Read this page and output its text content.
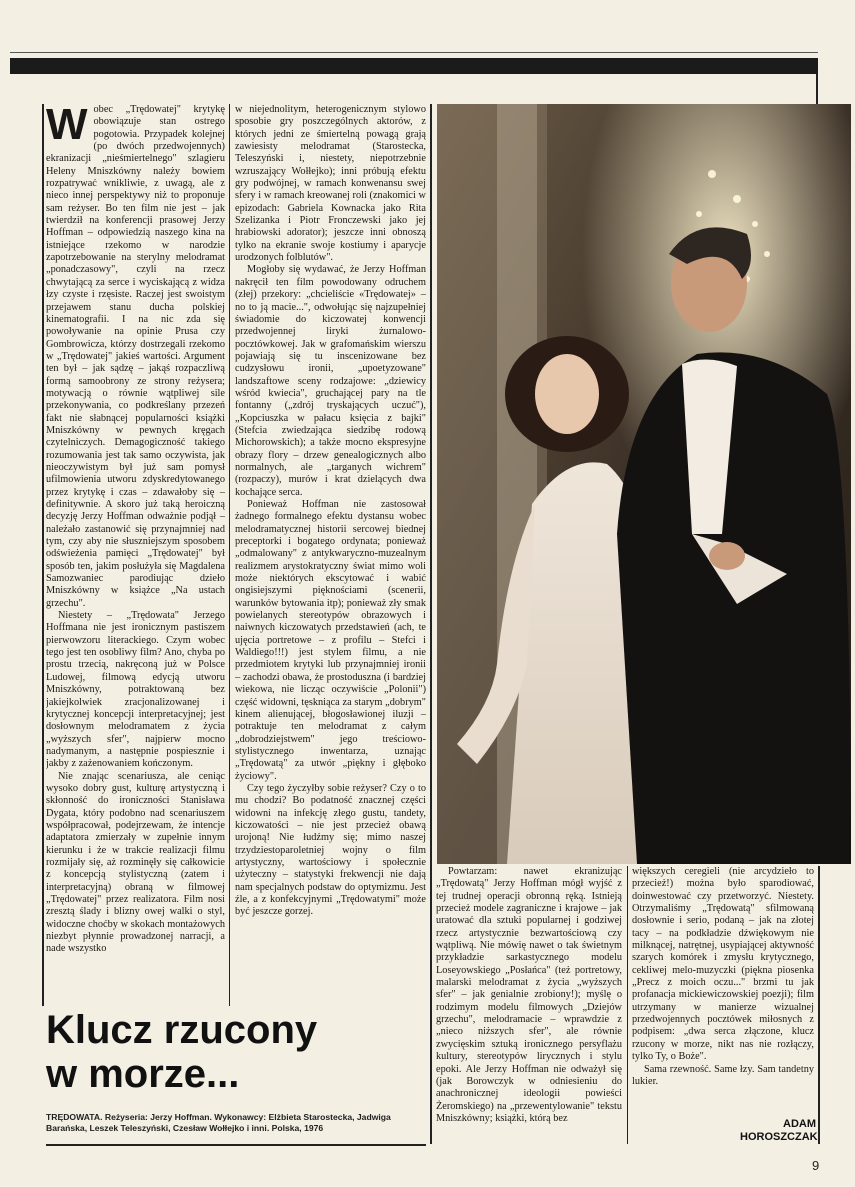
Wobec „Trędowatej" krytykę obowiązuje stan ostrego pogotowia. Przypadek kolejnej (po dwóch przedwojennych) ekranizacji „nieśmiertelnego" szlagieru Heleny Mniszkówny należy bowiem rozpatrywać wnikliwie, z uwagą, ale z nieco innej perspektywy niż to proponuje sam reżyser. Bo ten film nie jest – jak twierdził na konferencji prasowej Jerzy Hoffman – odpowiedzią naszego kina na istniejące rzekomo w narodzie zapotrzebowanie na sterylny melodramat „ponadczasowy", czyli na rzecz chwytającą za serce i wyciskającą z widza łzy czyste i rzęsiste. Raczej jest swoistym przejawem stanu ducha polskiej kinematografii. I na nic zda się powoływanie na opinie Prusa czy Gombrowicza, którzy dostrzegali rzekomo w „Trędowatej" jakieś wartości. Argument ten był – jak sądzę – jakąś rozpaczliwą formą samoobrony ze strony reżysera; motywacją o równie wątpliwej sile przekonywania, co podkreślany przezeń fakt nie słabnącej popularności książki Mniszkówny w pewnych kręgach czytelniczych. Demagogiczność takiego rozumowania jest tak samo oczywista, jak nieoczywistym był już sam pomysł ufilmowienia utworu zdyskredytowanego przez krytykę i czas – zdawałoby się – definitywnie. A skoro już taką heroiczną decyzję Jerzy Hoffman odważnie podjął – należało zastanowić się przynajmniej nad tym, czy aby nie słuszniejszym sposobem odświeżenia pamięci „Trędowatej" był sposób ten, jakim posłużyła się Magdalena Samozwaniec parodiując dzieło Mniszkówny w książce „Na ustach grzechu".

Niestety – „Trędowata" Jerzego Hoffmana nie jest ironicznym pastiszem pierwowzoru literackiego. Czym wobec tego jest ten osobliwy film? Ano, chyba po prostu trzecią, nakręconą już w Polsce Ludowej, filmową edycją utworu Mniszkówny, potraktowaną bez jakiejkolwiek zracjonalizowanej i krytycznej koncepcji interpretacyjnej; jest dosłownym melodramatem z życia „wyższych sfer", najpierw mocno nadymanym, a następnie pospiesznie i jakby z zażenowaniem kończonym.

Nie znając scenariusza, ale ceniąc wysoko dobry gust, kulturę artystyczną i skłonność do ironiczności Stanisława Dygata, który podobno nad scenariuszem współpracował, podejrzewam, że intencje adaptatora zmierzały w zupełnie innym kierunku i że w trakcie realizacji filmu rozmijały się, aż rozminęły się całkowicie z koncepcją stylistyczną (zatem i interpretacyjną) obraną w filmowej „Trędowatej" przez realizatora. Film nosi zresztą ślady i blizny owej walki o styl, widoczne choćby w skokach montażowych niezbyt płynnie prowadzonej narracji, a nade wszystko

w niejednolitym, heterogenicznym stylowo sposobie gry poszczególnych aktorów, z których jedni ze śmiertelną powagą grają zawiesisty melodramat (Starostecka, Teleszyński i, niestety, niepotrzebnie wzruszający Wołłejko); inni próbują efektu gry podwójnej, w ramach konwenansu swej sfery i w ramach kreowanej roli (znakomici w epizodach: Gabriela Kownacka jako Rita Szelizanka i Piotr Fronczewski jako jej hrabiowski adorator); jeszcze inni obnoszą tylko na ekranie swoje kostiumy i aparycje urodzonych folblutów".

Mogłoby się wydawać, że Jerzy Hoffman nakręcił ten film powodowany odruchem (złej) przekory: „chcieliście «Trędowatej» – no to ją macie...", odwołując się najzupełniej świadomie do kiczowatej konwencji przedwojennej liryki żurnalowo-pocztówkowej. Jak w grafomańskim wierszu pojawiają się tu inscenizowane bez cudzysłowu ironii, „upoetyzowane" landszaftowe sceny rodzajowe: „dziewicy wśród kwiecia", gruchającej pary na tle fontanny („zdrój tryskających uczuć"), „Kopciuszka w pałacu księcia z bajki" (Stefcia zwiedzająca siedzibę rodową Michorowskich); a także mocno ekspresyjne obrazy flory – drzew genealogicznych albo normalnych, ale „targanych wichrem" (rozpaczy), murów i krat dzielących dwa kochające serca.

Ponieważ Hoffman nie zastosował żadnego formalnego efektu dystansu wobec melodramatycznej historii sercowej biednej preceptorki i bogatego ordynata; ponieważ „odmalowany" z antykwaryczno-muzealnym realizmem arystokratyczny świat mimo woli może niektórych ekscytować i wabić ongisiejszymi pięknościami (scenerii, warunków bytowania itp); ponieważ zły smak powielanych stereotypów obrazowych i naiwnych kiczowatych przedstawień (ach, te ujęcia portretowe – z profilu – Stefci i Waldiego!!!) jest stylem filmu, a nie przedmiotem krytyki lub przynajmniej ironii – zachodzi obawa, że prostoduszna (i bardziej wiekowa, nie licząc oczywiście „Polonii") część widowni, tęskniąca za starym „dobrym" kinem alienującej, błogosławionej iluzji – potraktuje ten melodramat z całym „dobrodziejstwem" jego treściowo-stylistycznego inwentarza, uznając „Trędowatą" za utwór „piękny i głęboko życiowy".

Czy tego życzyłby sobie reżyser? Czy o to mu chodzi? Bo podatność znacznej części widowni na infekcję złego gustu, tandety, kiczowatości – nie jest przecież obawą urojoną! Nie łudźmy się; mimo naszej trzydziestoparoletniej wojny o film artystyczny, wartościowy i społecznie użyteczny – statystyki frekwencji nie dają nam specjalnych podstaw do optymizmu. Jest źle, a z konfekcyjnymi „Trędowatymi" może być jeszcze gorzej.

Powtarzam: nawet ekranizując „Trędowatą" Jerzy Hoffman mógł wyjść z tej trudnej operacji obronną ręką. Istnieją przecież modele zagraniczne i krajowe – jak uratować dla sztuki popularnej i godziwej rzecz artystycznie bezwartościową czy wątpliwą. Nie mówię nawet o tak świetnym przykładzie sarkastycznego modelu Loseyowskiego „Posłańca" (też portretowy, malarski melodramat z życia „wyższych sfer" – jak genialnie zrobiony!); myślę o rodzimym modelu filmowych „Dziejów grzechu", melodramacie – wprawdzie z „nieco niższych sfer", ale równie zwycięskim sztuką ironicznego persyflażu kultury, stereotypów lirycznych i stylu epoki. Ale Jerzy Hoffman nie odważył się (jak Borowczyk w odniesieniu do anachronicznej ideologii powieści Żeromskiego) na „przewentylowanie" tekstu Mniszkówny; książki, którą bez

większych ceregieli (nie arcydzieło to przecież!) można było sparodiować, doinwestować czy przetworzyć. Niestety. Otrzymaliśmy „Trędowatą" sfilmowaną dosłownie i serio, podaną – jak na złotej tacy – na podkładzie dźwiękowym nie milknącej, natrętnej, usypiającej aktywność szarych komórek i zmysłu krytycznego, cekliwej melo-muzyczki (piękna piosenka „Precz z moich oczu..." brzmi tu jak profanacja mickiewiczowskiej poezji); film utrzymany w manierze wizualnej przedwojennych pocztówek miłosnych z podpisem: „dwa serca złączone, klucz rzucony w morze, nikt nas nie rozłączy, tylko Ty, o Boże".

Sama rzewność. Same łzy. Sam tandetny lukier.

Klucz rzucony
w morze...
TRĘDOWATA. Reżyseria: Jerzy Hoffman. Wykonawcy: Elżbieta Starostecka, Jadwiga Barańska, Leszek Teleszyński, Czesław Wołłejko i inni. Polska, 1976	ADAM
HOROSZCZAK
9
